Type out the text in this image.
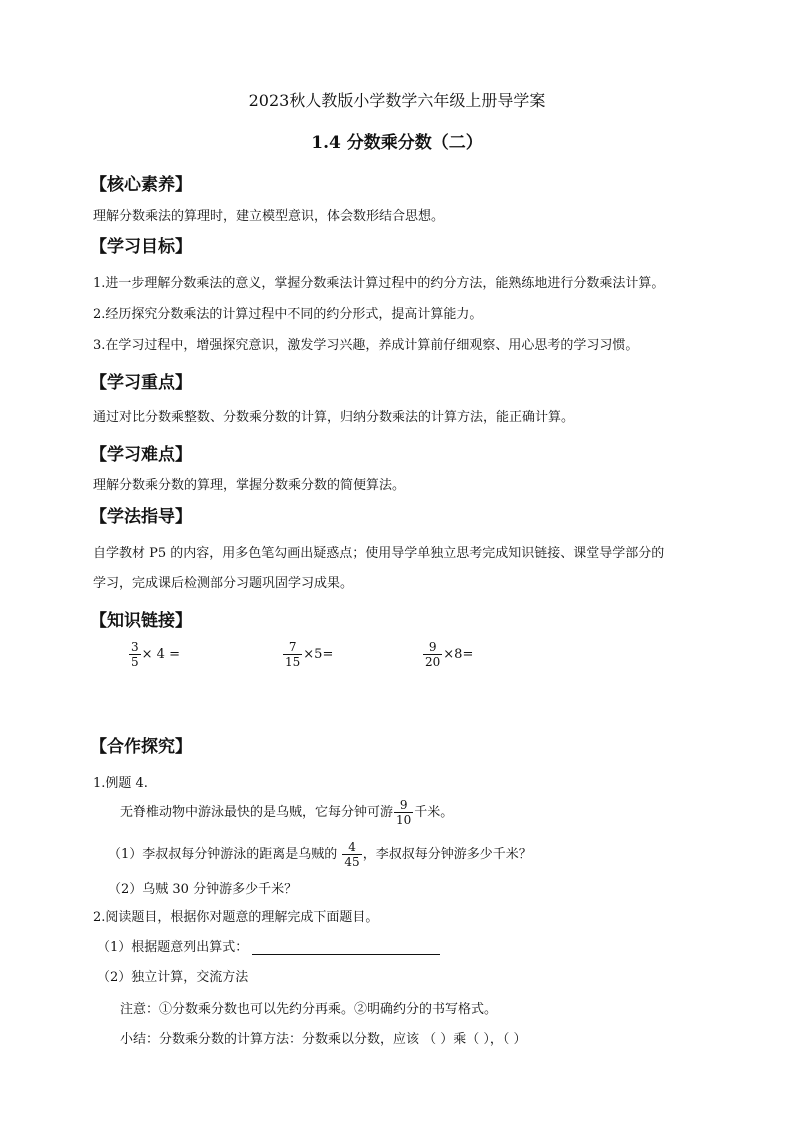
2023秋人教版小学数学六年级上册导学案
1.4 分数乘分数（二）
【核心素养】
理解分数乘法的算理时，建立模型意识，体会数形结合思想。
【学习目标】
1.进一步理解分数乘法的意义，掌握分数乘法计算过程中的约分方法，能熟练地进行分数乘法计算。
2.经历探究分数乘法的计算过程中不同的约分形式，提高计算能力。
3.在学习过程中，增强探究意识，激发学习兴趣，养成计算前仔细观察、用心思考的学习习惯。
【学习重点】
通过对比分数乘整数、分数乘分数的计算，归纳分数乘法的计算方法，能正确计算。
【学习难点】
理解分数乘分数的算理，掌握分数乘分数的简便算法。
【学法指导】
自学教材 P5 的内容，用多色笔勾画出疑惑点；使用导学单独立思考完成知识链接、课堂导学部分的
学习，完成课后检测部分习题巩固学习成果。
【知识链接】
$\frac{3}{5} \times 4$ =	$\frac{7}{15} \times 5=$	$\frac{9}{20} \times 8=$
【合作探究】
1.例题 4.
无脊椎动物中游泳最快的是乌贼，它每分钟可游 $\frac{9}{10}$ 千米。
（1）李叔叔每分钟游泳的距离是乌贼的 $\frac{4}{45}$ ，李叔叔每分钟游多少千米？
（2）乌贼 30 分钟游多少千米？
2.阅读题目，根据你对题意的理解完成下面题目。
（1）根据题意列出算式：
（2）独立计算，交流方法
注意：①分数乘分数也可以先约分再乘。②明确约分的书写格式。
小结：分数乘分数的计算方法：分数乘以分数，应该 （ ）乘（ ），（ ）
